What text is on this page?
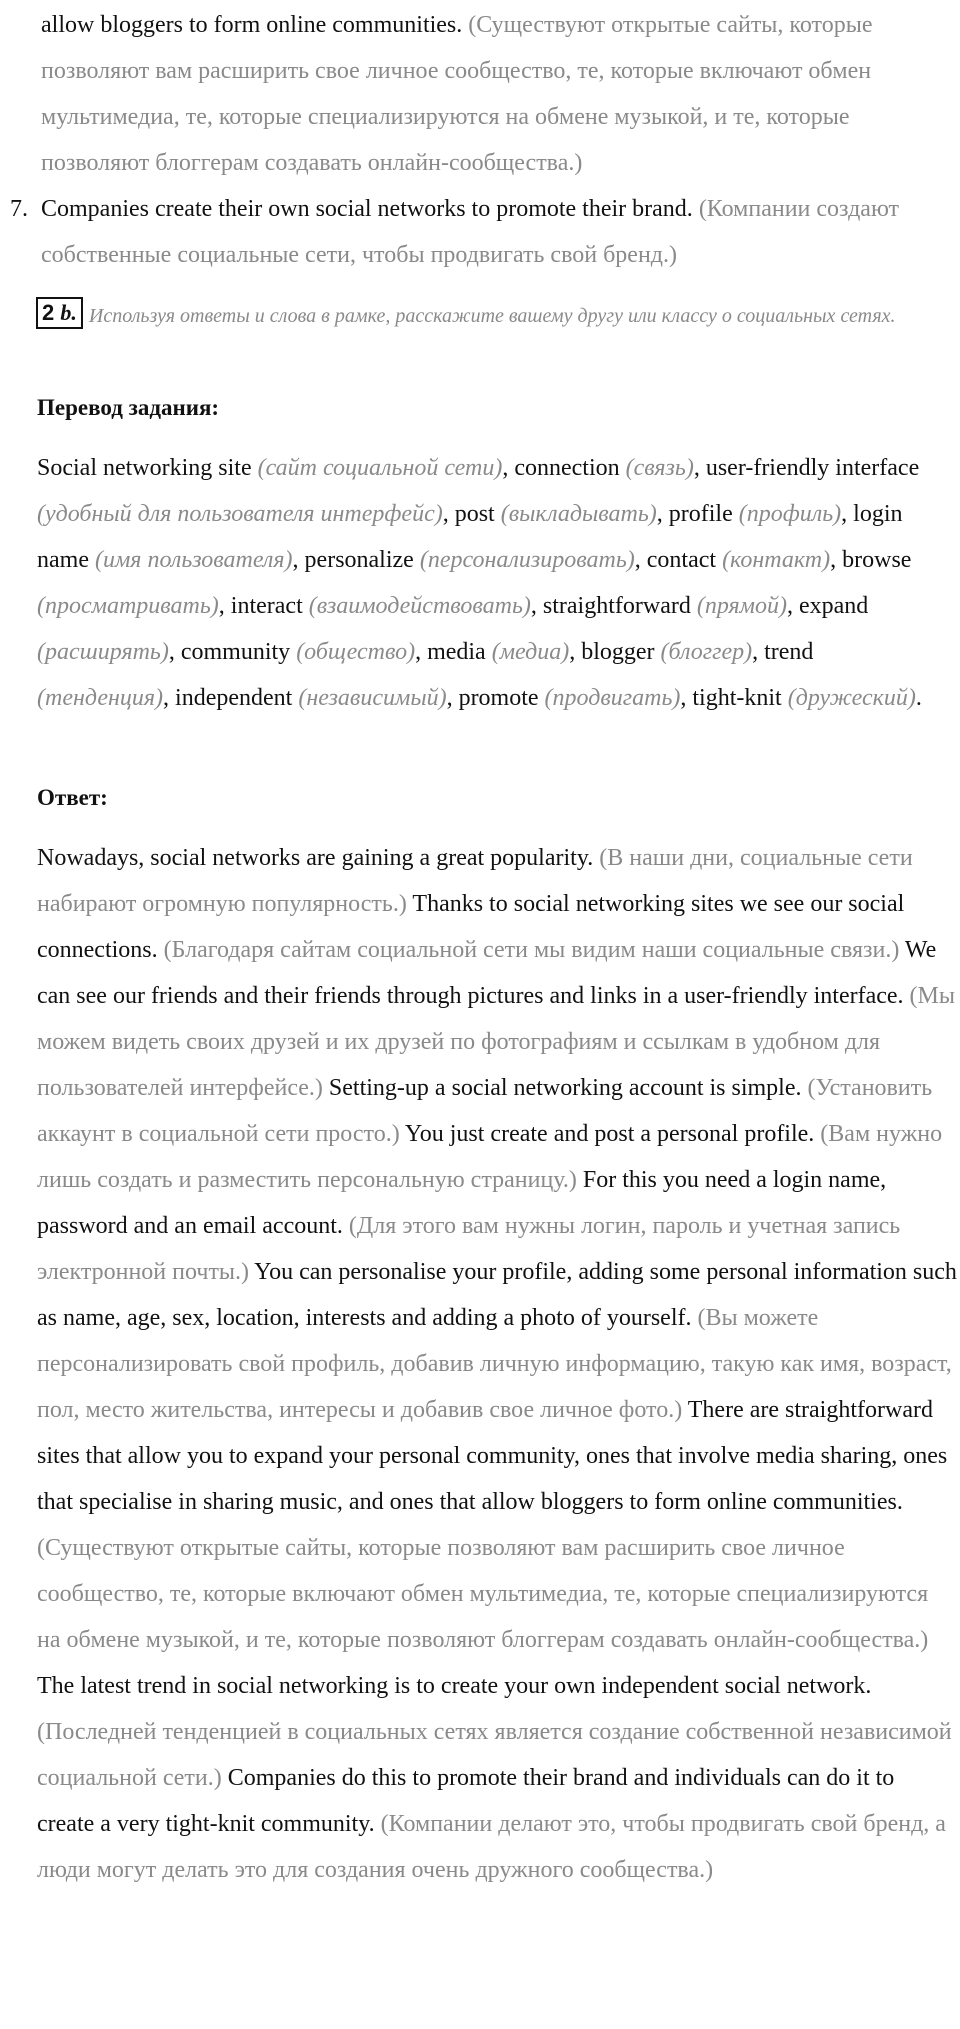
allow bloggers to form online communities. (Существуют открытые сайты, которые позволяют вам расширить свое личное сообщество, те, которые включают обмен мультимедиа, те, которые специализируются на обмене музыкой, и те, которые позволяют блоггерам создавать онлайн-сообщества.)
7. Companies create their own social networks to promote their brand. (Компании создают собственные социальные сети, чтобы продвигать свой бренд.)
2 b. Используя ответы и слова в рамке, расскажите вашему другу или классу о социальных сетях.
Перевод задания:
Social networking site (сайт социальной сети), connection (связь), user-friendly interface (удобный для пользователя интерфейс), post (выкладывать), profile (профиль), login name (имя пользователя), personalize (персонализировать), contact (контакт), browse (просматривать), interact (взаимодействовать), straightforward (прямой), expand (расширять), community (общество), media (медиа), blogger (блоггер), trend (тенденция), independent (независимый), promote (продвигать), tight-knit (дружеский).
Ответ:
Nowadays, social networks are gaining a great popularity. (В наши дни, социальные сети набирают огромную популярность.) Thanks to social networking sites we see our social connections. (Благодаря сайтам социальной сети мы видим наши социальные связи.) We can see our friends and their friends through pictures and links in a user-friendly interface. (Мы можем видеть своих друзей и их друзей по фотографиям и ссылкам в удобном для пользователей интерфейсе.) Setting-up a social networking account is simple. (Установить аккаунт в социальной сети просто.) You just create and post a personal profile. (Вам нужно лишь создать и разместить персональную страницу.) For this you need a login name, password and an email account. (Для этого вам нужны логин, пароль и учетная запись электронной почты.) You can personalise your profile, adding some personal information such as name, age, sex, location, interests and adding a photo of yourself. (Вы можете персонализировать свой профиль, добавив личную информацию, такую как имя, возраст, пол, место жительства, интересы и добавив свое личное фото.) There are straightforward sites that allow you to expand your personal community, ones that involve media sharing, ones that specialise in sharing music, and ones that allow bloggers to form online communities. (Существуют открытые сайты, которые позволяют вам расширить свое личное сообщество, те, которые включают обмен мультимедиа, те, которые специализируются на обмене музыкой, и те, которые позволяют блоггерам создавать онлайн-сообщества.) The latest trend in social networking is to create your own independent social network. (Последней тенденцией в социальных сетях является создание собственной независимой социальной сети.) Companies do this to promote their brand and individuals can do it to create a very tight-knit community. (Компании делают это, чтобы продвигать свой бренд, а люди могут делать это для создания очень дружного сообщества.)
